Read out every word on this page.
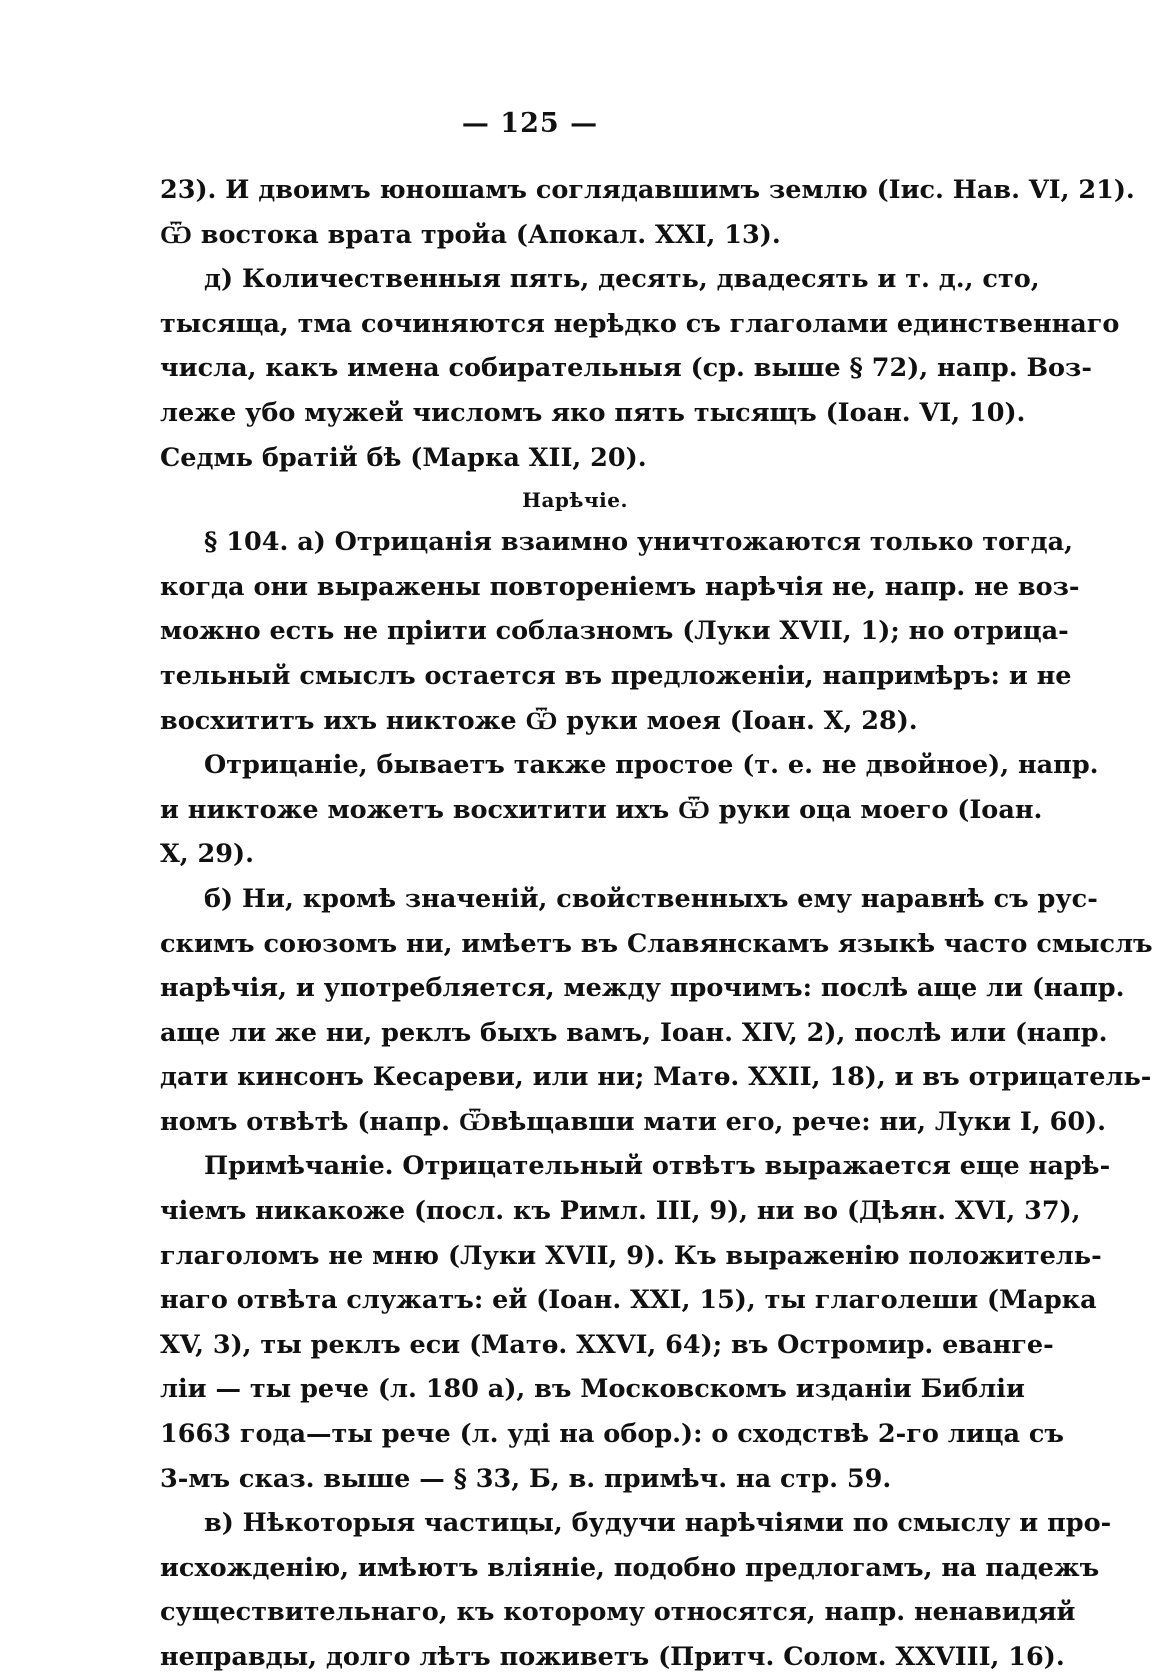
— 125 —
23). И двоимъ юношамъ соглядавшимъ землю (Іис. Нав. VI, 21).
Ѿ востока врата тройа (Апокал. XXI, 13).
д) Количественныя пять, десять, двадесять и т. д., сто,
тысяща, тма сочиняются нерѣдко съ глаголами единственнаго
числа, какъ имена собирательныя (ср. выше § 72), напр. Воз-
леже убо мужей числомъ яко пять тысящъ (Іоан. VI, 10).
Седмь братій бѣ (Марка XII, 20).
Нарѣчіе.
§ 104. а) Отрицанія взаимно уничтожаются только тогда,
когда они выражены повтореніемъ нарѣчія не, напр. не воз-
можно есть не пріити соблазномъ (Луки XVII, 1); но отрица-
тельный смыслъ остается въ предложеніи, напримѣръ: и не
восхититъ ихъ никтоже Ѿ руки моея (Іоан. X, 28).
Отрицаніе, бываетъ также простое (т. е. не двойное), напр.
и никтоже можетъ восхитити ихъ Ѿ руки оца моего (Іоан.
X, 29).
б) Ни, кромѣ значеній, свойственныхъ ему наравнѣ съ рус-
скимъ союзомъ ни, имѣетъ въ Славянскамъ языкѣ часто смыслъ
нарѣчія, и употребляется, между прочимъ: послѣ аще ли (напр.
аще ли же ни, реклъ быхъ вамъ, Іоан. XIV, 2), послѣ или (напр.
дати кинсонъ Кесареви, или ни; Матѳ. XXII, 18), и въ отрицатель-
номъ отвѣтѣ (напр. Ѿвѣщавши мати его, рече: ни, Луки I, 60).
Примѣчаніе. Отрицательный отвѣтъ выражается еще нарѣ-
чіемъ никакоже (посл. къ Римл. III, 9), ни во (Дѣян. XVI, 37),
глаголомъ не мню (Луки XVII, 9). Къ выраженію положитель-
наго отвѣта служатъ: ей (Іоан. XXI, 15), ты глаголеши (Марка
XV, 3), ты реклъ еси (Матѳ. XXVI, 64); въ Остромир. еванге-
ліи — ты рече (л. 180 а), въ Московскомъ изданіи Библіи
1663 года—ты рече (л. уді на обор.): о сходствѣ 2-го лица съ
3-мъ сказ. выше — § 33, Б, в. примѣч. на стр. 59.
в) Нѣкоторыя частицы, будучи нарѣчіями по смыслу и про-
исхожденію, имѣютъ вліяніе, подобно предлогамъ, на падежъ
существительнаго, къ которому относятся, напр. ненавидяй
неправды, долго лѣтъ поживетъ (Притч. Солом. XXVIII, 16).
